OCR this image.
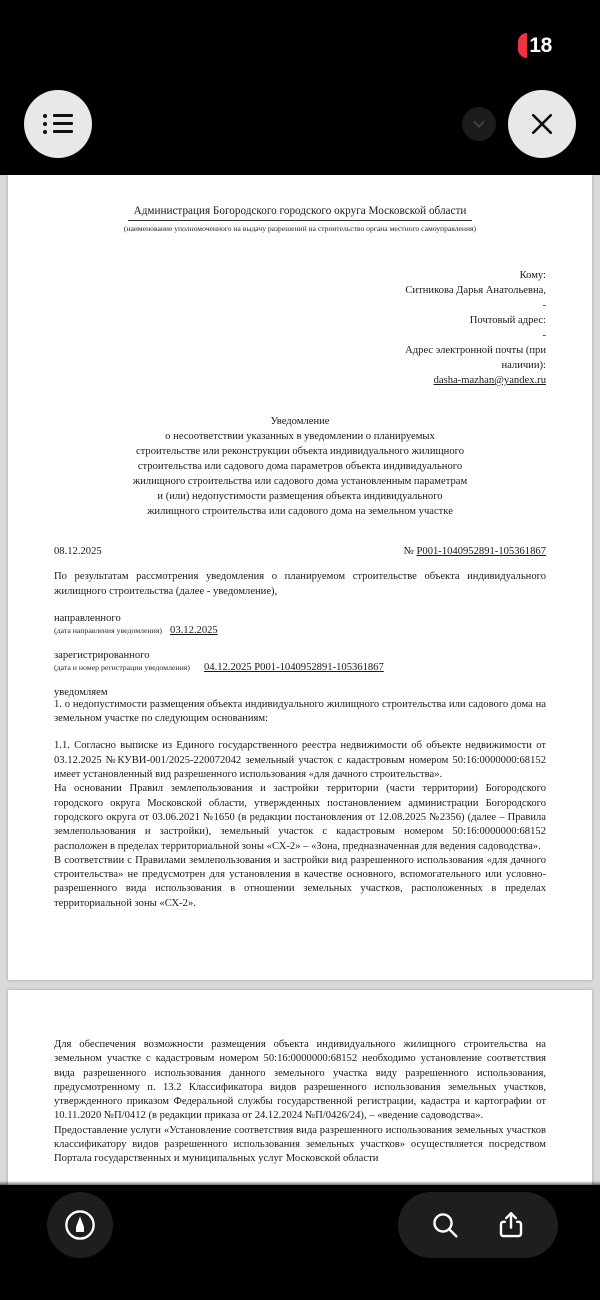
18
Администрация Богородского городского округа Московской области
(наименование уполномоченного на выдачу разрешений на строительство органа местного самоуправления)
Кому:
Ситникова Дарья Анатольевна,
-
Почтовый адрес:
-
Адрес электронной почты (при
наличии):
dasha-mazhan@yandex.ru
Уведомление
о несоответствии указанных в уведомлении о планируемых
строительстве или реконструкции объекта индивидуального жилищного
строительства или садового дома параметров объекта индивидуального
жилищного строительства или садового дома установленным параметрам
и (или) недопустимости размещения объекта индивидуального
жилищного строительства или садового дома на земельном участке
08.12.2025	№ P001-1040952891-105361867

По результатам рассмотрения уведомления о планируемом строительстве объекта индивидуального жилищного строительства (далее - уведомление),

направленного
(дата направления уведомления) 03.12.2025
зарегистрированного
(дата и номер регистрации уведомления) 04.12.2025 P001-1040952891-105361867
уведомляем

1. о недопустимости размещения объекта индивидуального жилищного строительства или садового дома на земельном участке по следующим основаниям:

1.1. Согласно выписке из Единого государственного реестра недвижимости об объекте недвижимости от 03.12.2025 №КУВИ-001/2025-220072042 земельный участок с кадастровым номером 50:16:0000000:68152 имеет установленный вид разрешенного использования «для дачного строительства».

На основании Правил землепользования и застройки территории (части территории) Богородского городского округа Московской области, утвержденных постановлением администрации Богородского городского округа от 03.06.2021 №1650 (в редакции постановления от 12.08.2025 №2356) (далее – Правила землепользования и застройки), земельный участок с кадастровым номером 50:16:0000000:68152 расположен в пределах территориальной зоны «СХ-2» – «Зона, предназначенная для ведения садоводства».

В соответствии с Правилами землепользования и застройки вид разрешенного использования «для дачного строительства» не предусмотрен для установления в качестве основного, вспомогательного или условно-разрешенного вида использования в отношении земельных участков, расположенных в пределах территориальной зоны «СХ-2».

Для обеспечения возможности размещения объекта индивидуального жилищного строительства на земельном участке с кадастровым номером 50:16:0000000:68152 необходимо установление соответствия вида разрешенного использования данного земельного участка виду разрешенного использования, предусмотренному п. 13.2 Классификатора видов разрешенного использования земельных участков, утвержденного приказом Федеральной службы государственной регистрации, кадастра и картографии от 10.11.2020 №П/0412 (в редакции приказа от 24.12.2024 №П/0426/24), – «ведение садоводства».

Предоставление услуги «Установление соответствия вида разрешенного использования земельных участков классификатору видов разрешенного использования земельных участков» осуществляется посредством Портала государственных и муниципальных услуг Московской области
